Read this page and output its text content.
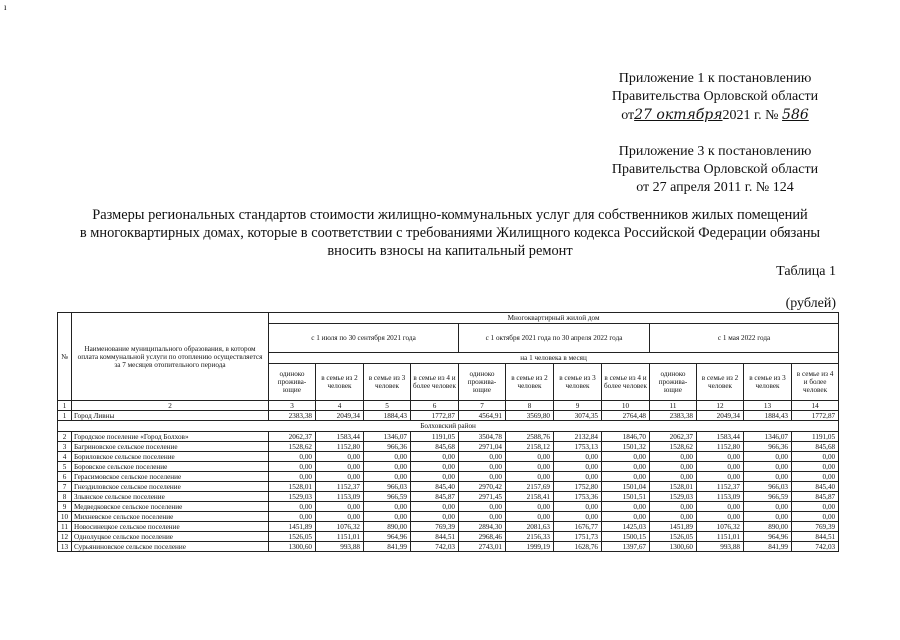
ı
Приложение 1 к постановлению
Правительства Орловской области
от27 октября2021 г. № 586
Приложение 3 к постановлению
Правительства Орловской области
от 27 апреля 2011 г. № 124
Размеры региональных стандартов стоимости жилищно-коммунальных услуг для собственников жилых помещений
в многоквартирных домах, которые в соответствии с требованиями Жилищного кодекса Российской Федерации обязаны
вносить взносы на капитальный ремонт
Таблица 1
(рублей)
№	Наименование муниципального образования, в котором оплата коммунальной услуги по отоплению осуществляется за 7 месяцев отопительного периода	Многоквартирный жилой дом											
		с 1 июля по 30 сентября 2021 года				с 1 октября 2021 года по 30 апреля 2022 года				с 1 мая 2022 года			
		на 1 человека в месяц											
		одиноко прожива- ющие	в семье из 2 человек	в семье из 3 человек	в семье из 4 и более человек	одиноко прожива- ющие	в семье из 2 человек	в семье из 3 человек	в семье из 4 и более человек	одиноко прожива- ющие	в семье из 2 человек	в семье из 3 человек	в семье из 4 и более человек
1	2	3	4	5	6	7	8	9	10	11	12	13	14
1	Город Ливны	2383,38	2049,34	1884,43	1772,87	4564,91	3569,80	3074,35	2764,48	2383,38	2049,34	1884,43	1772,87
Болховский район													
2	Городское поселение «Город Болхов»	2062,37	1583,44	1346,07	1191,05	3504,78	2588,76	2132,84	1846,70	2062,37	1583,44	1346,07	1191,05
3	Багриновское сельское поселение	1528,62	1152,80	966,36	845,68	2971,04	2158,12	1753,13	1501,32	1528,62	1152,80	966,36	845,68
4	Бориловское сельское поселение	0,00	0,00	0,00	0,00	0,00	0,00	0,00	0,00	0,00	0,00	0,00	0,00
5	Боровское сельское поселение	0,00	0,00	0,00	0,00	0,00	0,00	0,00	0,00	0,00	0,00	0,00	0,00
6	Герасимовское сельское поселение	0,00	0,00	0,00	0,00	0,00	0,00	0,00	0,00	0,00	0,00	0,00	0,00
7	Гнездиловское сельское поселение	1528,01	1152,37	966,03	845,40	2970,42	2157,69	1752,80	1501,04	1528,01	1152,37	966,03	845,40
8	Злынское сельское поселение	1529,03	1153,09	966,59	845,87	2971,45	2158,41	1753,36	1501,51	1529,03	1153,09	966,59	845,87
9	Медведковское сельское поселение	0,00	0,00	0,00	0,00	0,00	0,00	0,00	0,00	0,00	0,00	0,00	0,00
10	Михневское сельское поселение	0,00	0,00	0,00	0,00	0,00	0,00	0,00	0,00	0,00	0,00	0,00	0,00
11	Новосинецкое сельское поселение	1451,89	1076,32	890,00	769,39	2894,30	2081,63	1676,77	1425,03	1451,89	1076,32	890,00	769,39
12	Однолуцкое сельское поселение	1526,05	1151,01	964,96	844,51	2968,46	2156,33	1751,73	1500,15	1526,05	1151,01	964,96	844,51
13	Сурьяниновское сельское поселение	1300,60	993,88	841,99	742,03	2743,01	1999,19	1628,76	1397,67	1300,60	993,88	841,99	742,03
